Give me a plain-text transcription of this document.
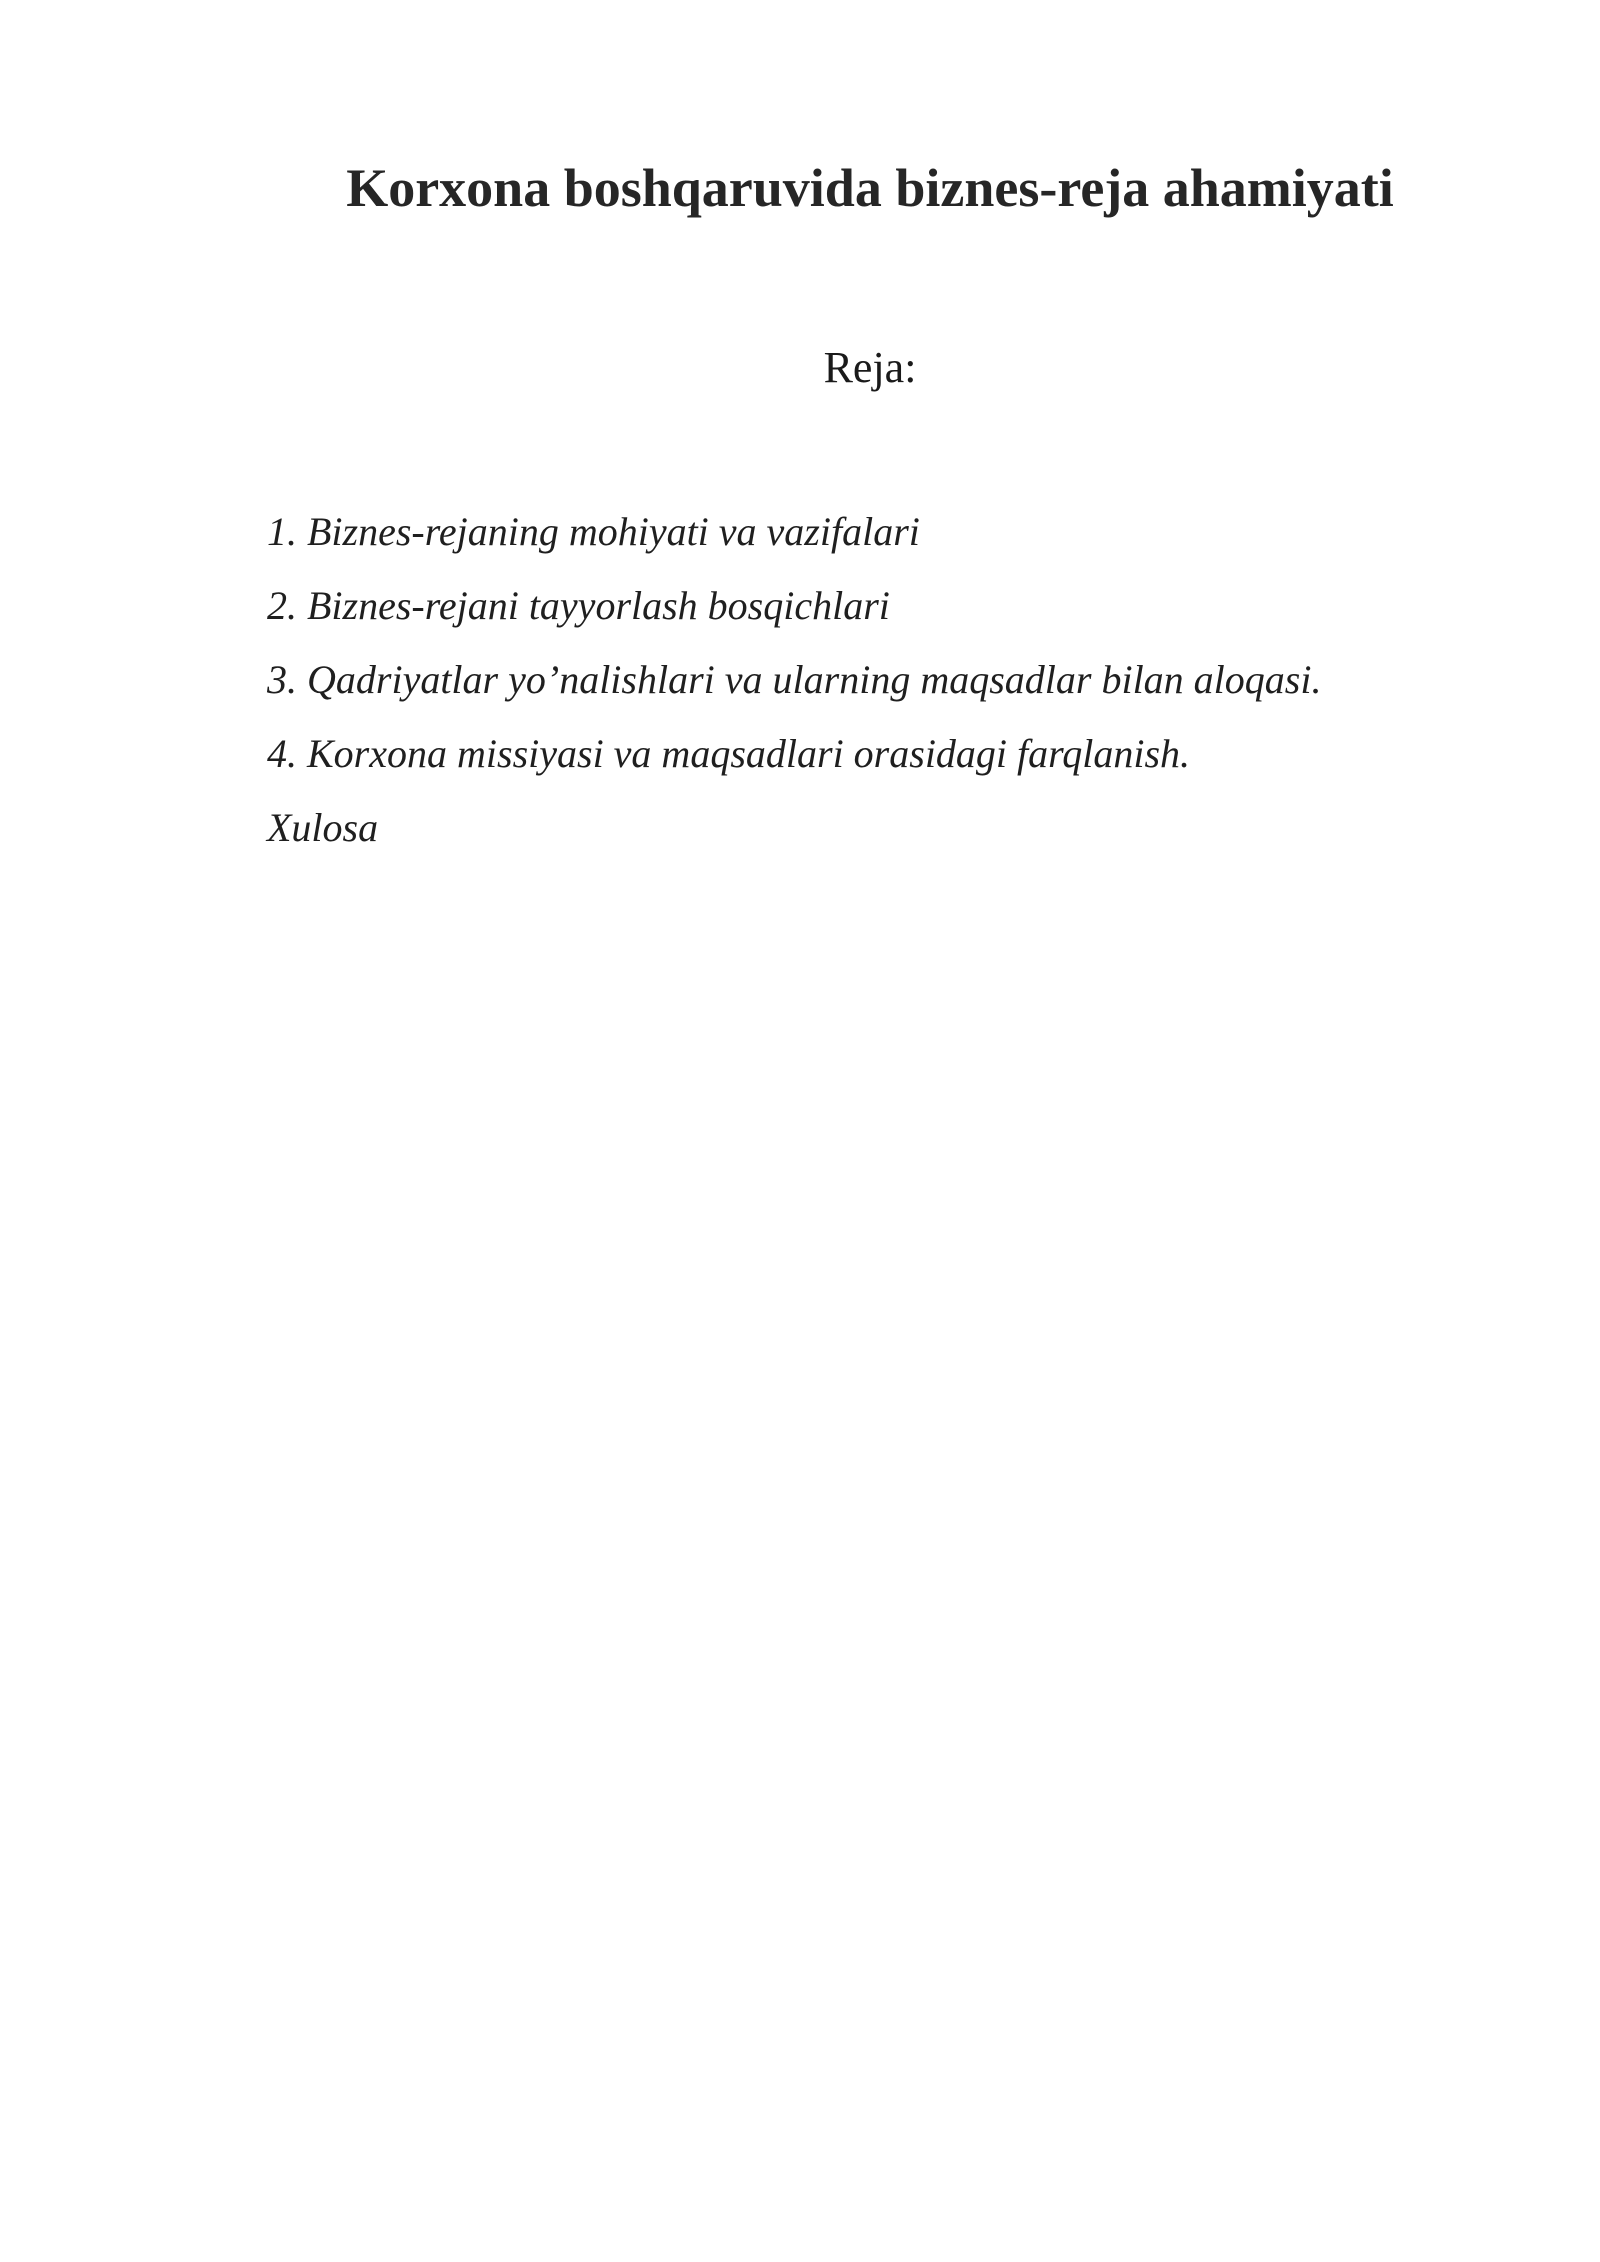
Korxona boshqaruvida biznes-reja ahamiyati
Reja:
1. Biznes-rejaning mohiyati va vazifalari
2. Biznes-rejani tayyorlash bosqichlari
3. Qadriyatlar yo’nalishlari va ularning maqsadlar bilan aloqasi.
4. Korxona missiyasi va maqsadlari orasidagi farqlanish.
Xulosa
